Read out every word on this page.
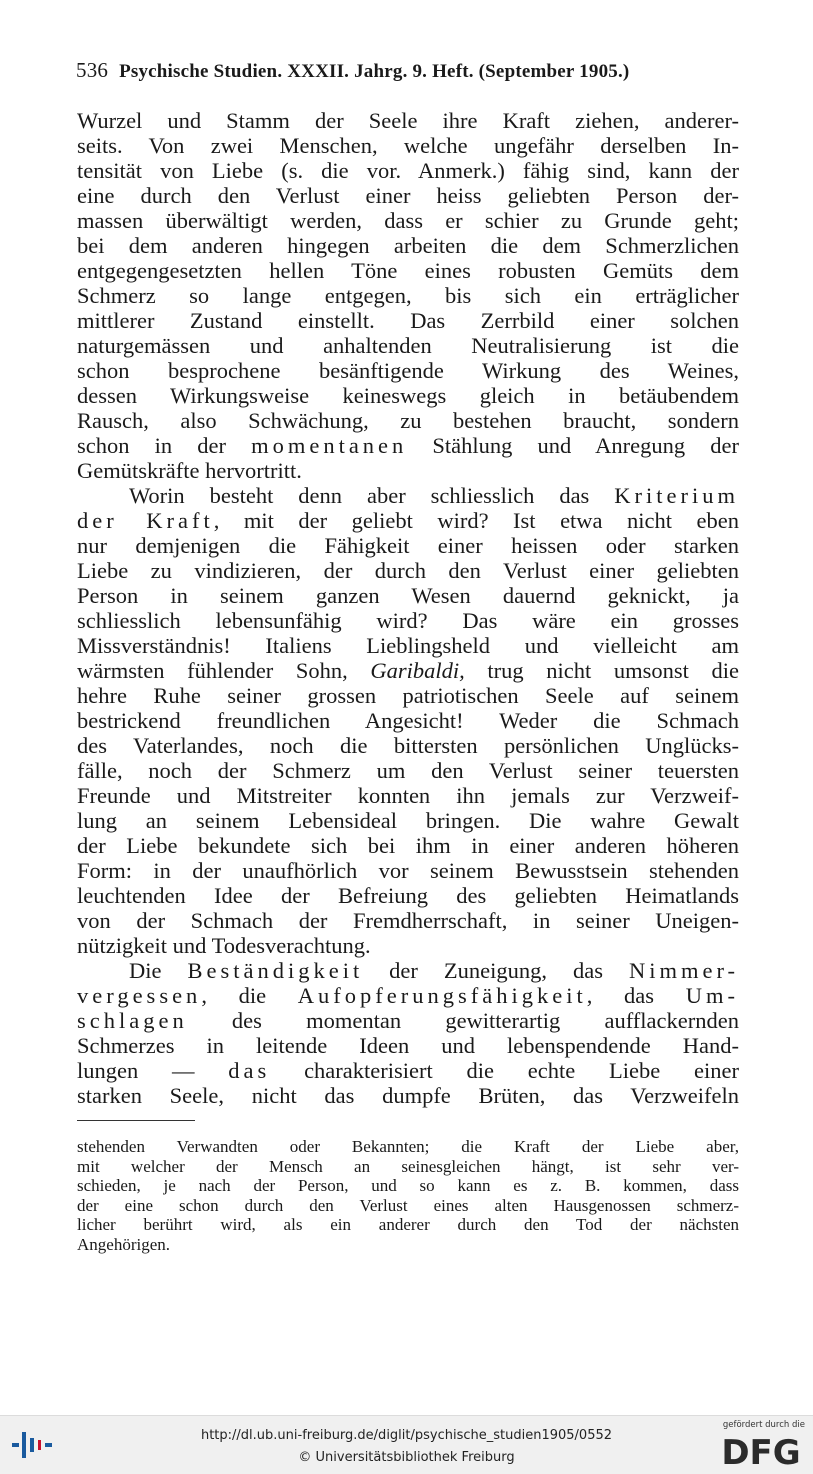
536 Psychische Studien. XXXII. Jahrg. 9. Heft. (September 1905.)
Wurzel und Stamm der Seele ihre Kraft ziehen, anderer-
seits. Von zwei Menschen, welche ungefähr derselben In-
tensität von Liebe (s. die vor. Anmerk.) fähig sind, kann der
eine durch den Verlust einer heiss geliebten Person der-
massen überwältigt werden, dass er schier zu Grunde geht;
bei dem anderen hingegen arbeiten die dem Schmerzlichen
entgegengesetzten hellen Töne eines robusten Gemüts dem
Schmerz so lange entgegen, bis sich ein erträglicher
mittlerer Zustand einstellt. Das Zerrbild einer solchen
naturgemässen und anhaltenden Neutralisierung ist die
schon besprochene besänftigende Wirkung des Weines,
dessen Wirkungsweise keineswegs gleich in betäubendem
Rausch, also Schwächung, zu bestehen braucht, sondern
schon in der momentanen Stählung und Anregung der
Gemütskräfte hervortritt.
Worin besteht denn aber schliesslich das Kriterium
der Kraft, mit der geliebt wird? Ist etwa nicht eben
nur demjenigen die Fähigkeit einer heissen oder starken
Liebe zu vindizieren, der durch den Verlust einer geliebten
Person in seinem ganzen Wesen dauernd geknickt, ja
schliesslich lebensunfähig wird? Das wäre ein grosses
Missverständnis! Italiens Lieblingsheld und vielleicht am
wärmsten fühlender Sohn, Garibaldi, trug nicht umsonst die
hehre Ruhe seiner grossen patriotischen Seele auf seinem
bestrickend freundlichen Angesicht! Weder die Schmach
des Vaterlandes, noch die bittersten persönlichen Unglücks-
fälle, noch der Schmerz um den Verlust seiner teuersten
Freunde und Mitstreiter konnten ihn jemals zur Verzweif-
lung an seinem Lebensideal bringen. Die wahre Gewalt
der Liebe bekundete sich bei ihm in einer anderen höheren
Form: in der unaufhörlich vor seinem Bewusstsein stehenden
leuchtenden Idee der Befreiung des geliebten Heimatlands
von der Schmach der Fremdherrschaft, in seiner Uneigen-
nützigkeit und Todesverachtung.
Die Beständigkeit der Zuneigung, das Nimmer-
vergessen, die Aufopferungsfähigkeit, das Um-
schlagen des momentan gewitterartig aufflackernden
Schmerzes in leitende Ideen und lebenspendende Hand-
lungen — das charakterisiert die echte Liebe einer
starken Seele, nicht das dumpfe Brüten, das Verzweifeln
stehenden Verwandten oder Bekannten; die Kraft der Liebe aber,
mit welcher der Mensch an seinesgleichen hängt, ist sehr ver-
schieden, je nach der Person, und so kann es z. B. kommen, dass
der eine schon durch den Verlust eines alten Hausgenossen schmerz-
licher berührt wird, als ein anderer durch den Tod der nächsten
Angehörigen.
http://dl.ub.uni-freiburg.de/diglit/psychische_studien1905/0552
© Universitätsbibliothek Freiburg
gefördert durch die
DFG
